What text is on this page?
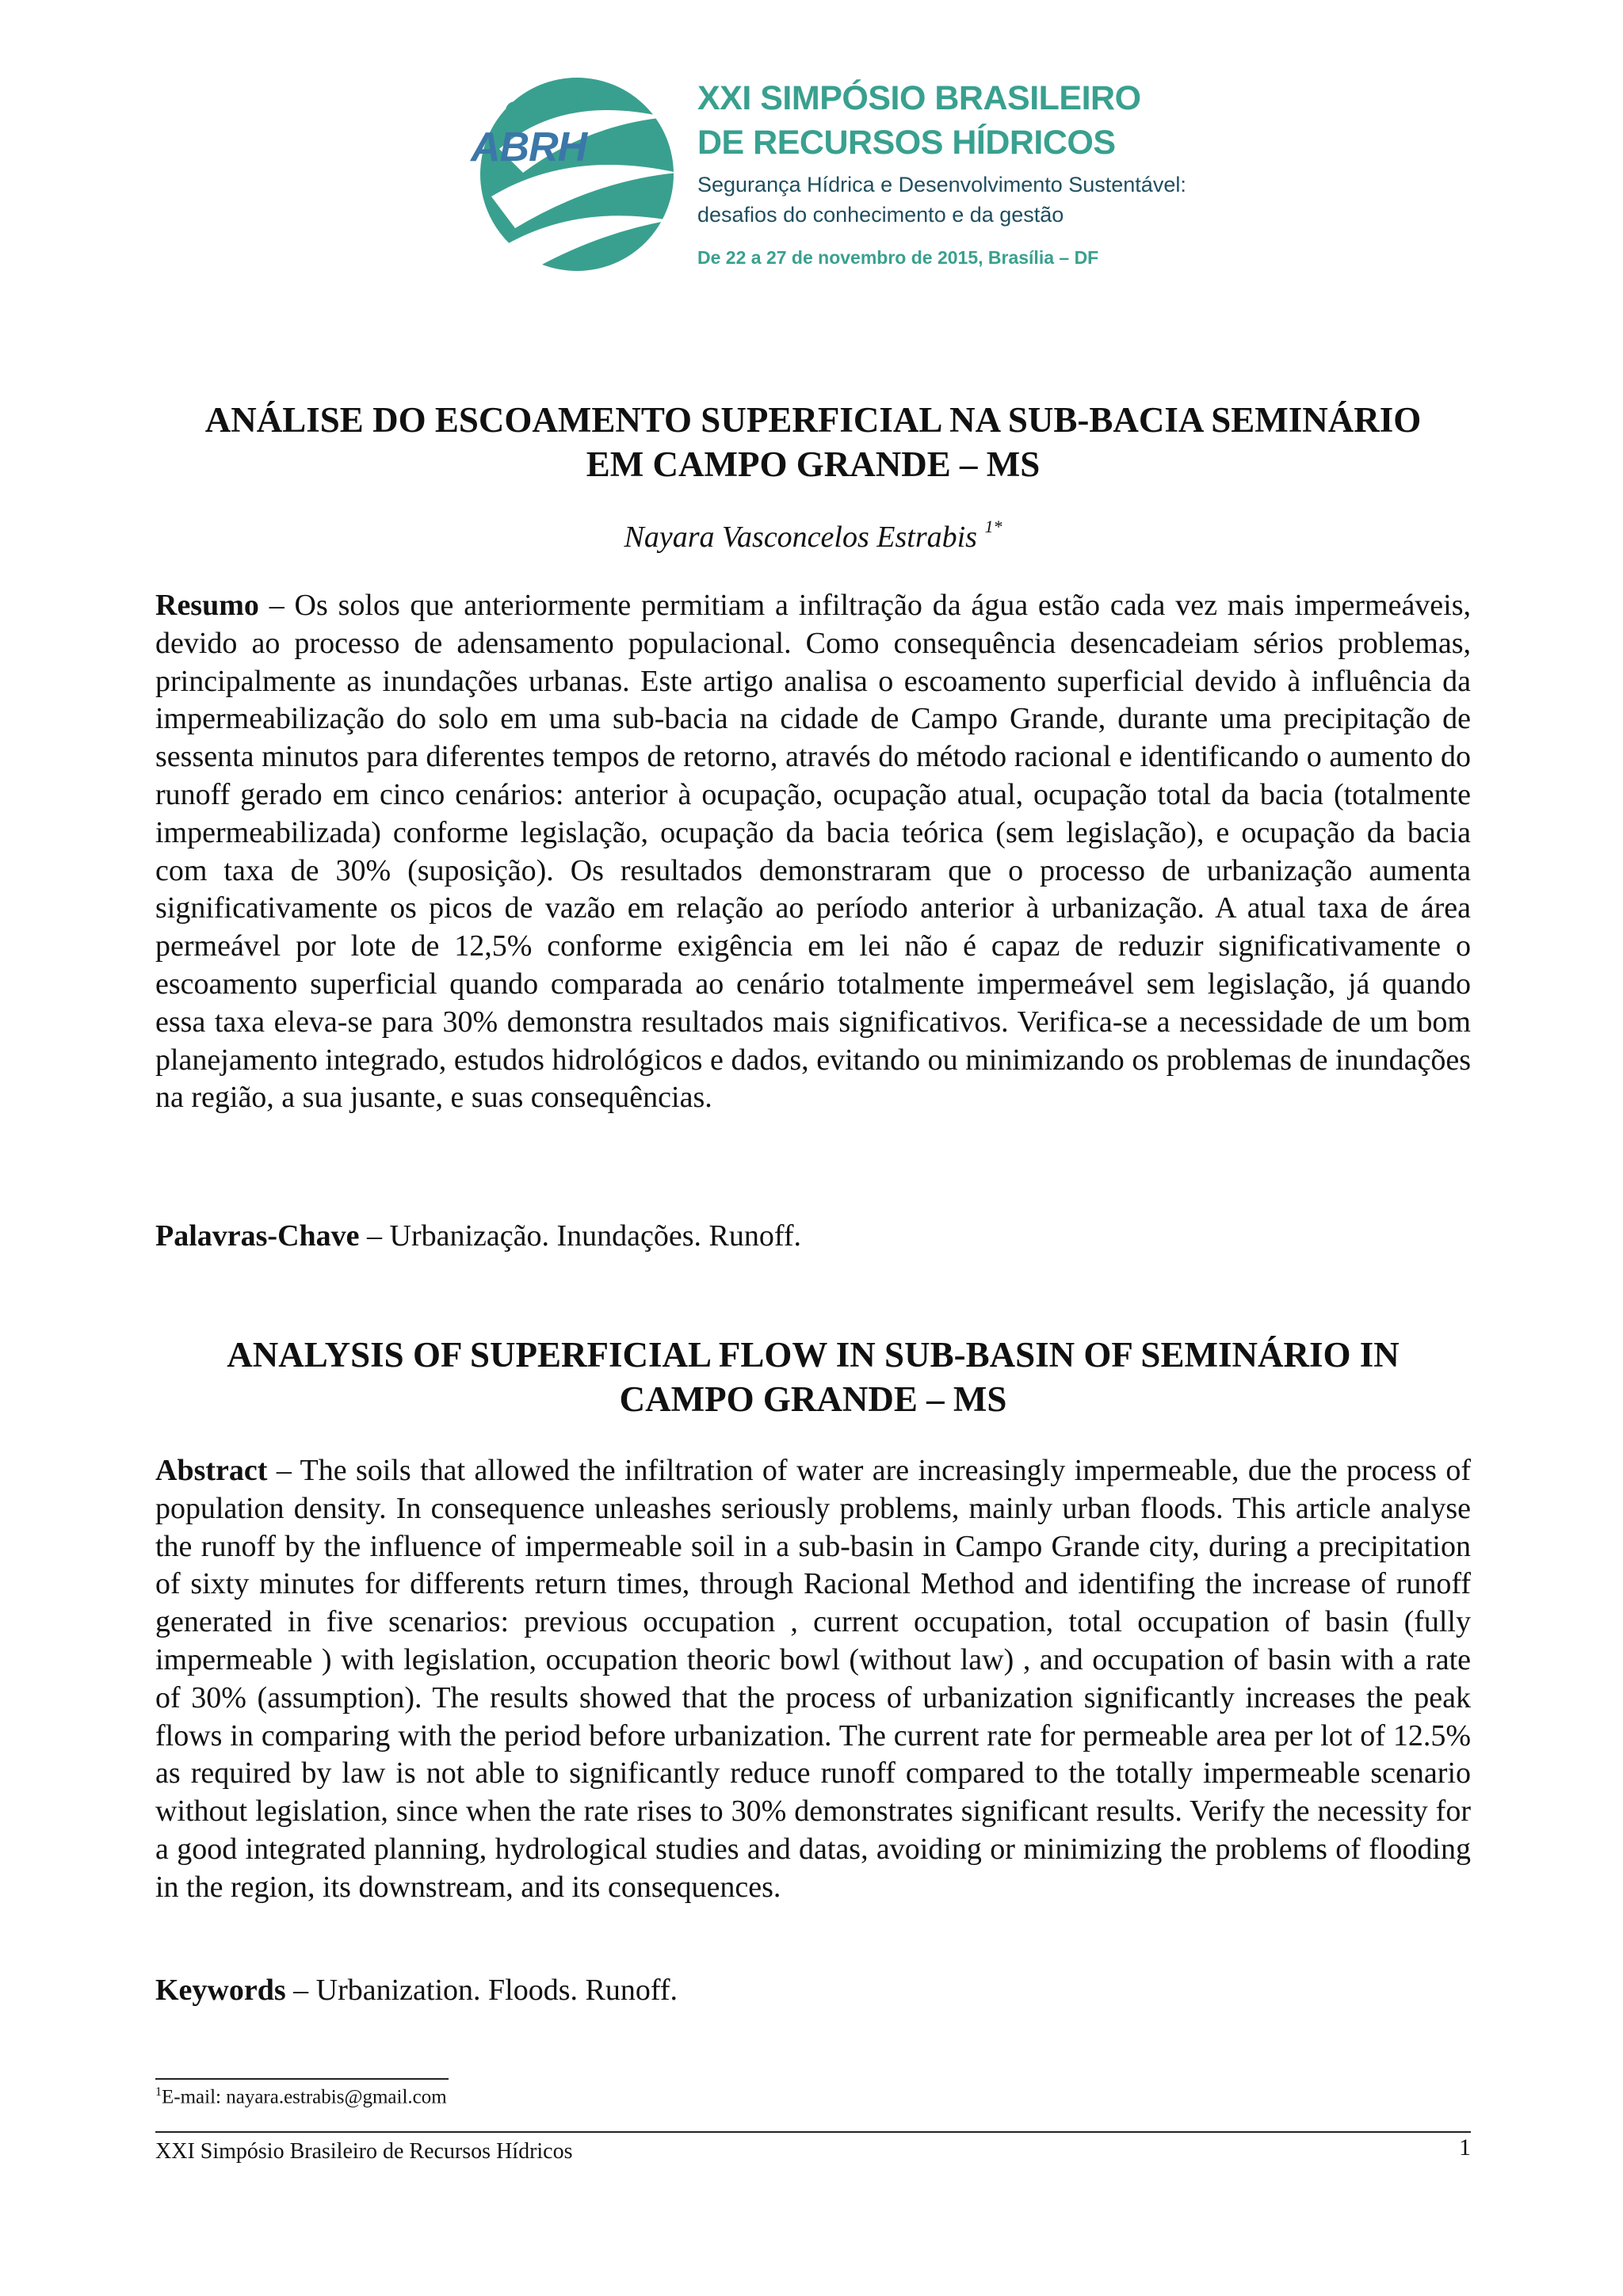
ABRH
XXI SIMPÓSIO BRASILEIRO
DE RECURSOS HÍDRICOS
Segurança Hídrica e Desenvolvimento Sustentável:
desafios do conhecimento e da gestão
De 22 a 27 de novembro de 2015, Brasília – DF
ANÁLISE DO ESCOAMENTO SUPERFICIAL NA SUB-BACIA SEMINÁRIO
EM CAMPO GRANDE – MS
Nayara Vasconcelos Estrabis $^{1*}$
Resumo – Os solos que anteriormente permitiam a infiltração da água estão cada vez mais impermeáveis, devido ao processo de adensamento populacional. Como consequência desencadeiam sérios problemas, principalmente as inundações urbanas. Este artigo analisa o escoamento superficial devido à influência da impermeabilização do solo em uma sub-bacia na cidade de Campo Grande, durante uma precipitação de sessenta minutos para diferentes tempos de retorno, através do método racional e identificando o aumento do runoff gerado em cinco cenários: anterior à ocupação, ocupação atual, ocupação total da bacia (totalmente impermeabilizada) conforme legislação, ocupação da bacia teórica (sem legislação), e ocupação da bacia com taxa de 30% (suposição). Os resultados demonstraram que o processo de urbanização aumenta significativamente os picos de vazão em relação ao período anterior à urbanização. A atual taxa de área permeável por lote de 12,5% conforme exigência em lei não é capaz de reduzir significativamente o escoamento superficial quando comparada ao cenário totalmente impermeável sem legislação, já quando essa taxa eleva-se para 30% demonstra resultados mais significativos. Verifica-se a necessidade de um bom planejamento integrado, estudos hidrológicos e dados, evitando ou minimizando os problemas de inundações na região, a sua jusante, e suas consequências.
Palavras-Chave – Urbanização. Inundações. Runoff.
ANALYSIS OF SUPERFICIAL FLOW IN SUB-BASIN OF SEMINÁRIO IN
CAMPO GRANDE – MS
Abstract – The soils that allowed the infiltration of water are increasingly impermeable, due the process of population density. In consequence unleashes seriously problems, mainly urban floods. This article analyse the runoff by the influence of impermeable soil in a sub-basin in Campo Grande city, during a precipitation of sixty minutes for differents return times, through Racional Method and identifing the increase of runoff generated in five scenarios: previous occupation , current occupation, total occupation of basin (fully impermeable ) with legislation, occupation theoric bowl (without law) , and occupation of basin with a rate of 30% (assumption). The results showed that the process of urbanization significantly increases the peak flows in comparing with the period before urbanization. The current rate for permeable area per lot of 12.5% as required by law is not able to significantly reduce runoff compared to the totally impermeable scenario without legislation, since when the rate rises to 30% demonstrates significant results. Verify the necessity for a good integrated planning, hydrological studies and datas, avoiding or minimizing the problems of flooding in the region, its downstream, and its consequences.
Keywords – Urbanization. Floods. Runoff.
$^1$E-mail: nayara.estrabis@gmail.com
XXI Simpósio Brasileiro de Recursos Hídricos	1
